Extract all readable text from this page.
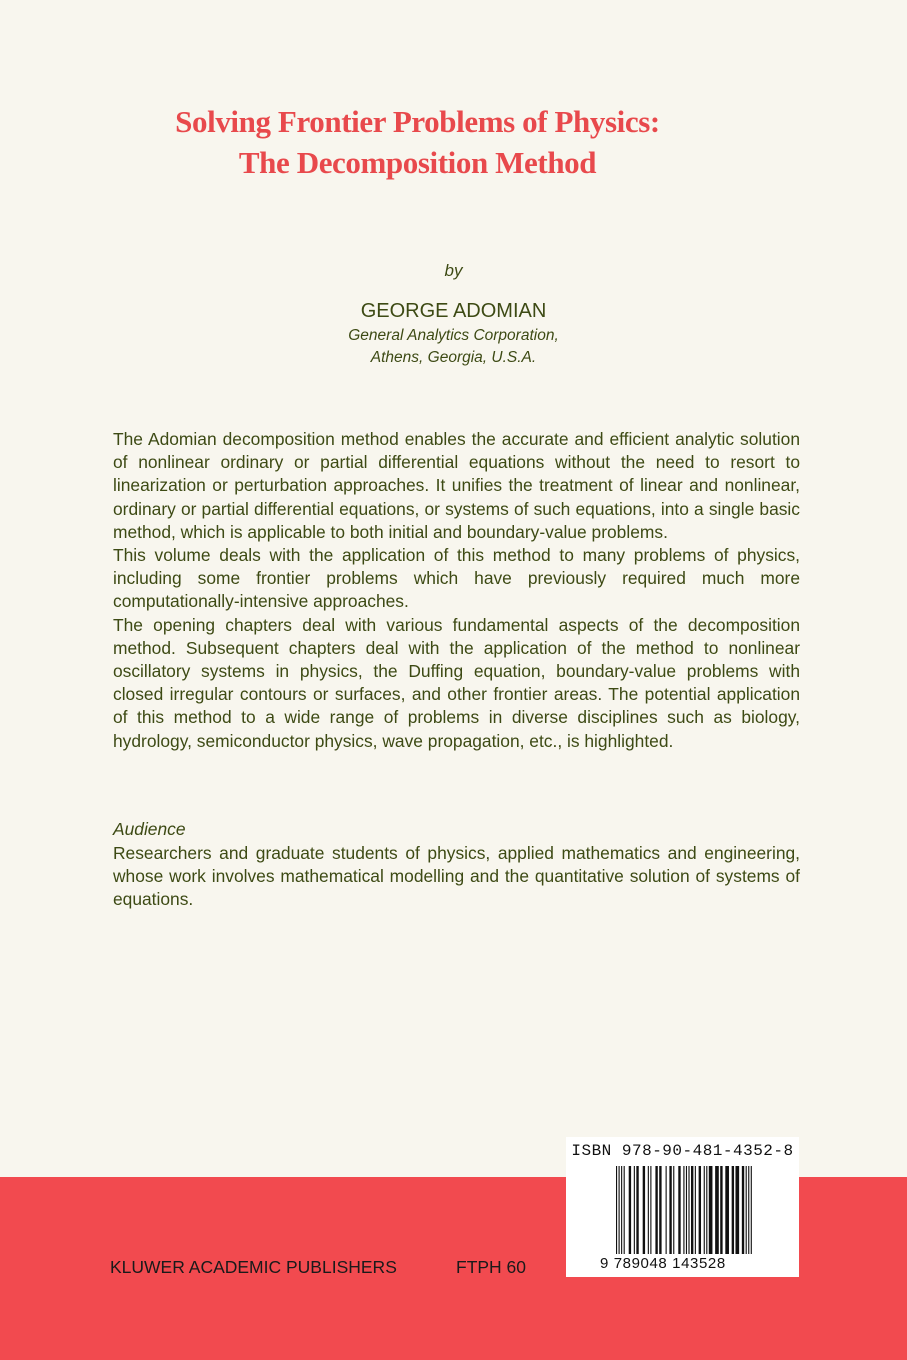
Solving Frontier Problems of Physics:
The Decomposition Method
by
GEORGE ADOMIAN
General Analytics Corporation,
Athens, Georgia, U.S.A.

The Adomian decomposition method enables the accurate and efficient analytic solution of nonlinear ordinary or partial differential equations without the need to resort to linearization or perturbation approaches. It unifies the treatment of linear and nonlinear, ordinary or partial differential equations, or systems of such equations, into a single basic method, which is applicable to both initial and boundary-value problems.

This volume deals with the application of this method to many problems of physics, including some frontier problems which have previously required much more computationally-intensive approaches.

The opening chapters deal with various fundamental aspects of the decomposition method. Subsequent chapters deal with the application of the method to nonlinear oscillatory systems in physics, the Duffing equation, boundary-value problems with closed irregular contours or surfaces, and other frontier areas. The potential application of this method to a wide range of problems in diverse disciplines such as biology, hydrology, semiconductor physics, wave propagation, etc., is highlighted.

Audience

Researchers and graduate students of physics, applied mathematics and engineering, whose work involves mathematical modelling and the quantitative solution of systems of equations.

ISBN 978-90-481-4352-8
9 789048 143528
KLUWER ACADEMIC PUBLISHERS	FTPH 60
